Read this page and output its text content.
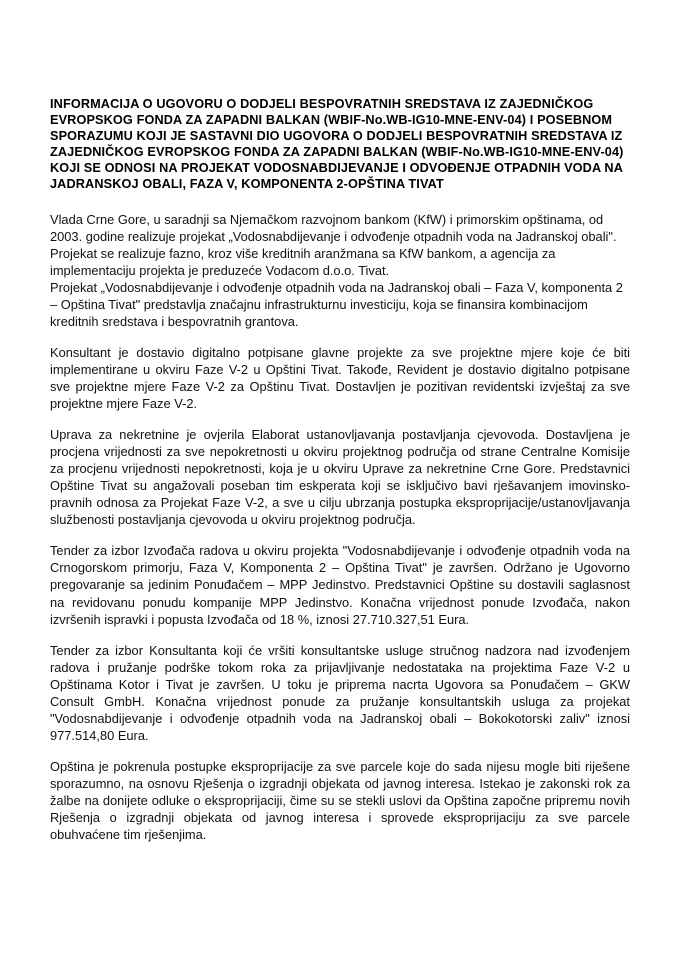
INFORMACIJA O UGOVORU O DODJELI BESPOVRATNIH SREDSTAVA IZ ZAJEDNIČKOG EVROPSKOG FONDA ZA ZAPADNI BALKAN (WBIF-No.WB-IG10-MNE-ENV-04) I POSEBNOM SPORAZUMU KOJI JE SASTAVNI DIO UGOVORA O DODJELI BESPOVRATNIH SREDSTAVA IZ ZAJEDNIČKOG EVROPSKOG FONDA ZA ZAPADNI BALKAN (WBIF-No.WB-IG10-MNE-ENV-04) KOJI SE ODNOSI NA PROJEKAT VODOSNABDIJEVANJE I ODVOĐENJE OTPADNIH VODA NA JADRANSKOJ OBALI, FAZA V, KOMPONENTA 2-OPŠTINA TIVAT

Vlada Crne Gore, u saradnji sa Njemačkom razvojnom bankom (KfW) i primorskim opštinama, od 2003. godine realizuje projekat „Vodosnabdijevanje i odvođenje otpadnih voda na Jadranskoj obali". Projekat se realizuje fazno, kroz više kreditnih aranžmana sa KfW bankom, a agencija za implementaciju projekta je preduzeće Vodacom d.o.o. Tivat.
Projekat „Vodosnabdijevanje i odvođenje otpadnih voda na Jadranskoj obali – Faza V, komponenta 2 – Opština Tivat" predstavlja značajnu infrastrukturnu investiciju, koja se finansira kombinacijom kreditnih sredstava i bespovratnih grantova.

Konsultant je dostavio digitalno potpisane glavne projekte za sve projektne mjere koje će biti implementirane u okviru Faze V-2 u Opštini Tivat. Takođe, Revident je dostavio digitalno potpisane sve projektne mjere Faze V-2 za Opštinu Tivat. Dostavljen je pozitivan revidentski izvještaj za sve projektne mjere Faze V-2.

Uprava za nekretnine je ovjerila Elaborat ustanovljavanja postavljanja cjevovoda. Dostavljena je procjena vrijednosti za sve nepokretnosti u okviru projektnog područja od strane Centralne Komisije za procjenu vrijednosti nepokretnosti, koja je u okviru Uprave za nekretnine Crne Gore. Predstavnici Opštine Tivat su angažovali poseban tim eskperata koji se isključivo bavi rješavanjem imovinsko-pravnih odnosa za Projekat Faze V-2, a sve u cilju ubrzanja postupka eksproprijacije/ustanovljavanja službenosti postavljanja cjevovoda u okviru projektnog područja.

Tender za izbor Izvođača radova u okviru projekta "Vodosnabdijevanje i odvođenje otpadnih voda na Crnogorskom primorju, Faza V, Komponenta 2 – Opština Tivat" je završen. Održano je Ugovorno pregovaranje sa jedinim Ponuđačem – MPP Jedinstvo. Predstavnici Opštine su dostavili saglasnost na revidovanu ponudu kompanije MPP Jedinstvo. Konačna vrijednost ponude Izvođača, nakon izvršenih ispravki i popusta Izvođača od 18 %, iznosi 27.710.327,51 Eura.

Tender za izbor Konsultanta koji će vršiti konsultantske usluge stručnog nadzora nad izvođenjem radova i pružanje podrške tokom roka za prijavljivanje nedostataka na projektima Faze V-2 u Opštinama Kotor i Tivat je završen. U toku je priprema nacrta Ugovora sa Ponuđačem – GKW Consult GmbH. Konačna vrijednost ponude za pružanje konsultantskih usluga za projekat "Vodosnabdijevanje i odvođenje otpadnih voda na Jadranskoj obali – Bokokotorski zaliv" iznosi 977.514,80 Eura.

Opština je pokrenula postupke eksproprijacije za sve parcele koje do sada nijesu mogle biti riješene sporazumno, na osnovu Rješenja o izgradnji objekata od javnog interesa. Istekao je zakonski rok za žalbe na donijete odluke o eksproprijaciji, čime su se stekli uslovi da Opština započne pripremu novih Rješenja o izgradnji objekata od javnog interesa i sprovede eksproprijaciju za sve parcele obuhvaćene tim rješenjima.
